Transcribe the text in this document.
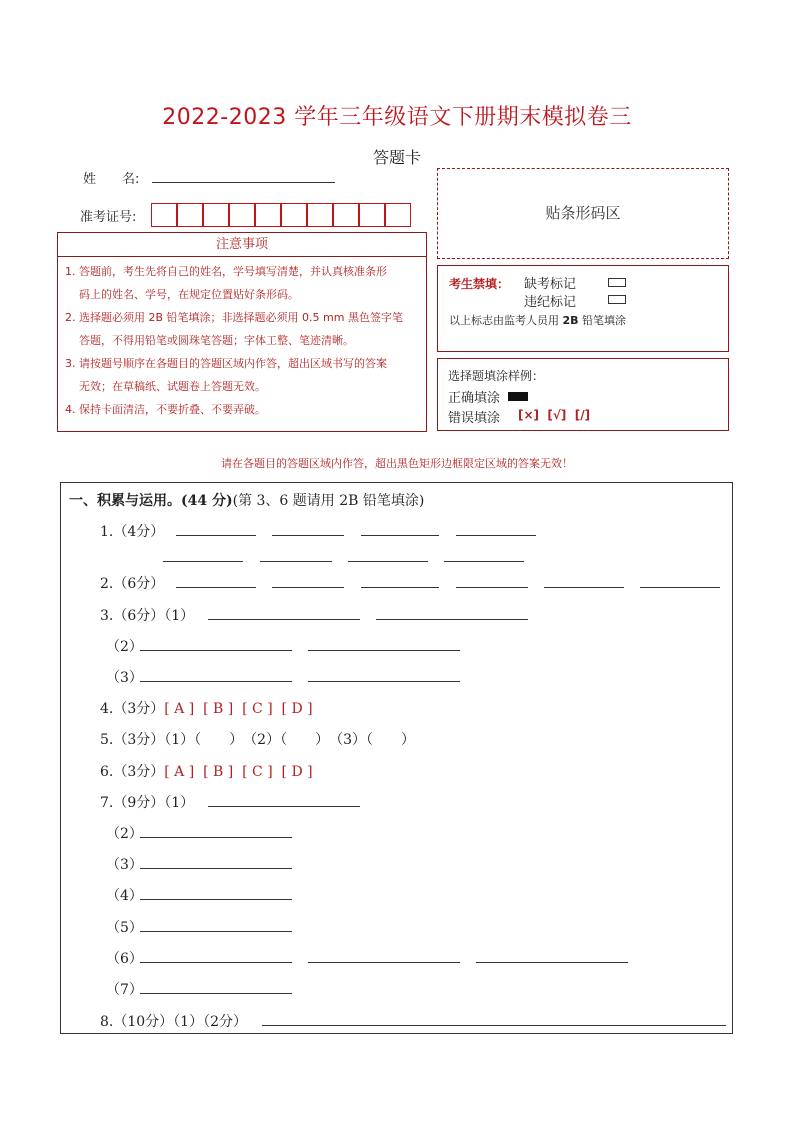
2022-2023 学年三年级语文下册期末模拟卷三
答题卡
姓　　名:
准考证号:	贴条形码区
注意事项
1. 答题前，考生先将自己的姓名，学号填写清楚，并认真核准条形
码上的姓名、学号，在规定位置贴好条形码。
2. 选择题必须用 2B 铅笔填涂；非选择题必须用 0.5 mm 黑色签字笔
答题，不得用铅笔或圆珠笔答题；字体工整、笔迹清晰。
3. 请按题号顺序在各题目的答题区域内作答，超出区域书写的答案
无效；在草稿纸、试题卷上答题无效。
4. 保持卡面清洁，不要折叠、不要弄破。
考生禁填： 缺考标记
违纪标记
以上标志由监考人员用 2B 铅笔填涂
选择题填涂样例：
正确填涂
错误填涂 [×]  [√]  [/]
请在各题目的答题区域内作答，超出黑色矩形边框限定区域的答案无效！
一、积累与运用。(44 分)(第 3、6 题请用 2B 铅笔填涂)
1.（4分）
2.（6分）
3.（6分）（1）
（2）
（3）
4.（3分）[ A ]  [ B ]  [ C ]  [ D ]
5.（3分）（1）（　　）　（2）（　　）　（3）（　　）
6.（3分）[ A ]  [ B ]  [ C ]  [ D ]
7.（9分）（1）
（2）
（3）
（4）
（5）
（6）
（7）
8.（10分）（1）（2分）
